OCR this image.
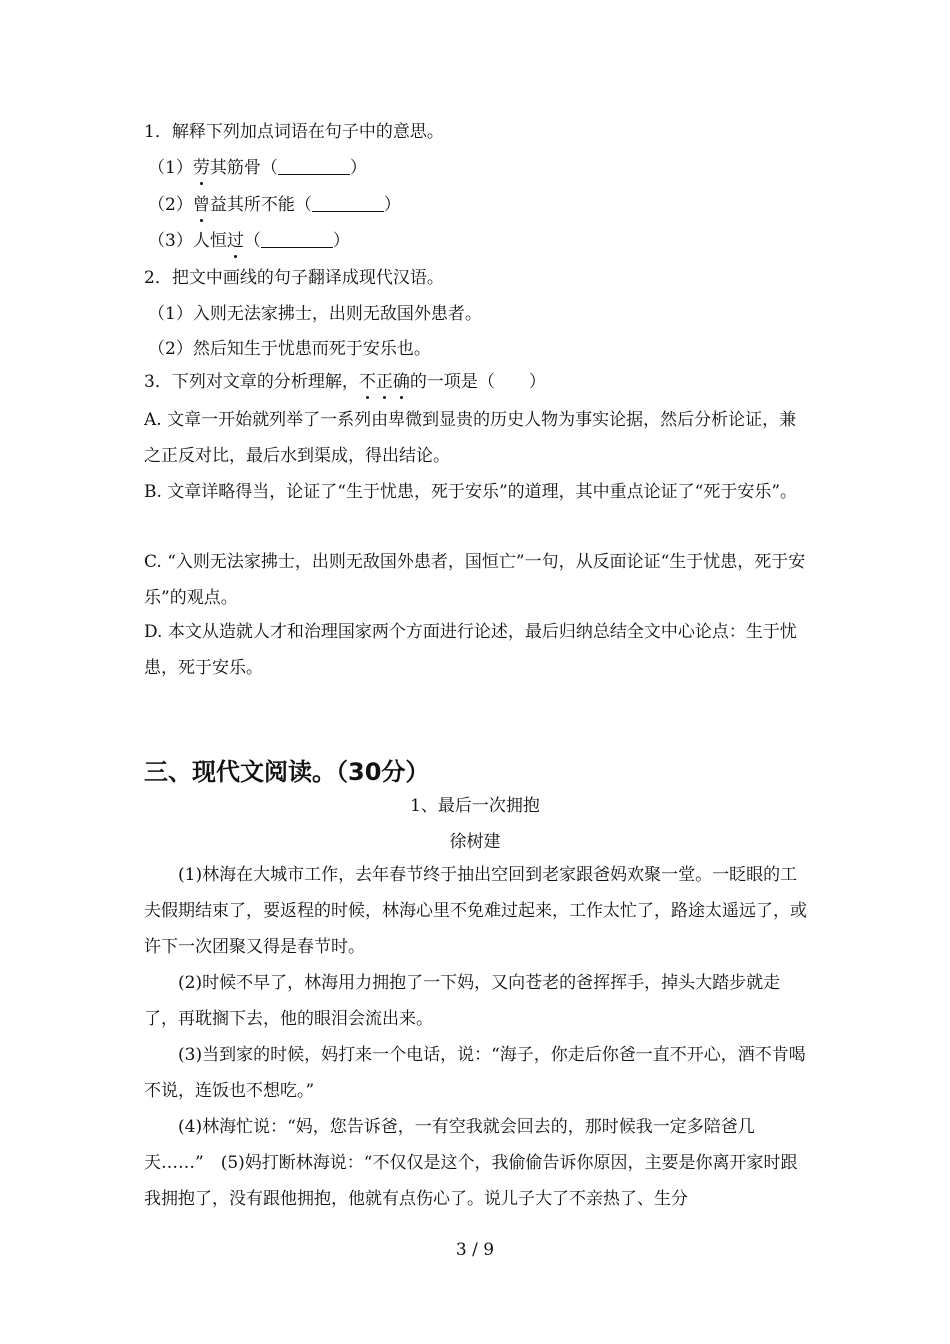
1．解释下列加点词语在句子中的意思。
（1）劳其筋骨（	）
（2）曾益其所不能（	）
（3）人恒过（	）
2．把文中画线的句子翻译成现代汉语。
（1）入则无法家拂士，出则无敌国外患者。
（2）然后知生于忧患而死于安乐也。
3．下列对文章的分析理解，不正确的一项是（　　）
A. 文章一开始就列举了一系列由卑微到显贵的历史人物为事实论据，然后分析论证，兼之正反对比，最后水到渠成，得出结论。
B. 文章详略得当，论证了“生于忧患，死于安乐”的道理，其中重点论证了“死于安乐”。
C. “入则无法家拂士，出则无敌国外患者，国恒亡”一句，从反面论证“生于忧患，死于安乐”的观点。
D. 本文从造就人才和治理国家两个方面进行论述，最后归纳总结全文中心论点：生于忧患，死于安乐。
三、现代文阅读。（30分）
1、最后一次拥抱
徐树建
(1)林海在大城市工作，去年春节终于抽出空回到老家跟爸妈欢聚一堂。一眨眼的工夫假期结束了，要返程的时候，林海心里不免难过起来，工作太忙了，路途太遥远了，或许下一次团聚又得是春节时。
(2)时候不早了，林海用力拥抱了一下妈，又向苍老的爸挥挥手，掉头大踏步就走了，再耽搁下去，他的眼泪会流出来。
(3)当到家的时候，妈打来一个电话，说：“海子，你走后你爸一直不开心，酒不肯喝不说，连饭也不想吃。”
(4)林海忙说：“妈，您告诉爸，一有空我就会回去的，那时候我一定多陪爸几天……”　(5)妈打断林海说：“不仅仅是这个，我偷偷告诉你原因，主要是你离开家时跟我拥抱了，没有跟他拥抱，他就有点伤心了。说儿子大了不亲热了、生分
3 / 9
